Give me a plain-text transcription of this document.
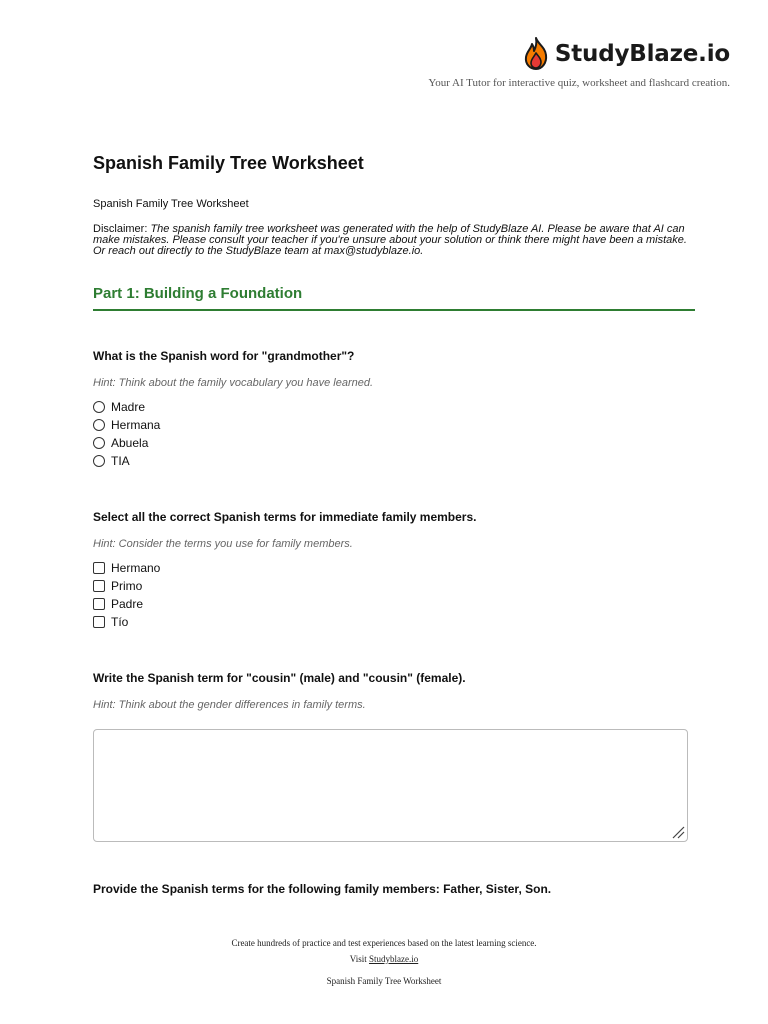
StudyBlaze.io
Your AI Tutor for interactive quiz, worksheet and flashcard creation.
Spanish Family Tree Worksheet
Spanish Family Tree Worksheet
Disclaimer: The spanish family tree worksheet was generated with the help of StudyBlaze AI. Please be aware that AI can make mistakes. Please consult your teacher if you're unsure about your solution or think there might have been a mistake. Or reach out directly to the StudyBlaze team at max@studyblaze.io.
Part 1: Building a Foundation
What is the Spanish word for "grandmother"?
Hint: Think about the family vocabulary you have learned.
Madre
Hermana
Abuela
TIA
Select all the correct Spanish terms for immediate family members.
Hint: Consider the terms you use for family members.
Hermano
Primo
Padre
Tío
Write the Spanish term for "cousin" (male) and "cousin" (female).
Hint: Think about the gender differences in family terms.
Provide the Spanish terms for the following family members: Father, Sister, Son.
Create hundreds of practice and test experiences based on the latest learning science.
Visit Studyblaze.io
Spanish Family Tree Worksheet
